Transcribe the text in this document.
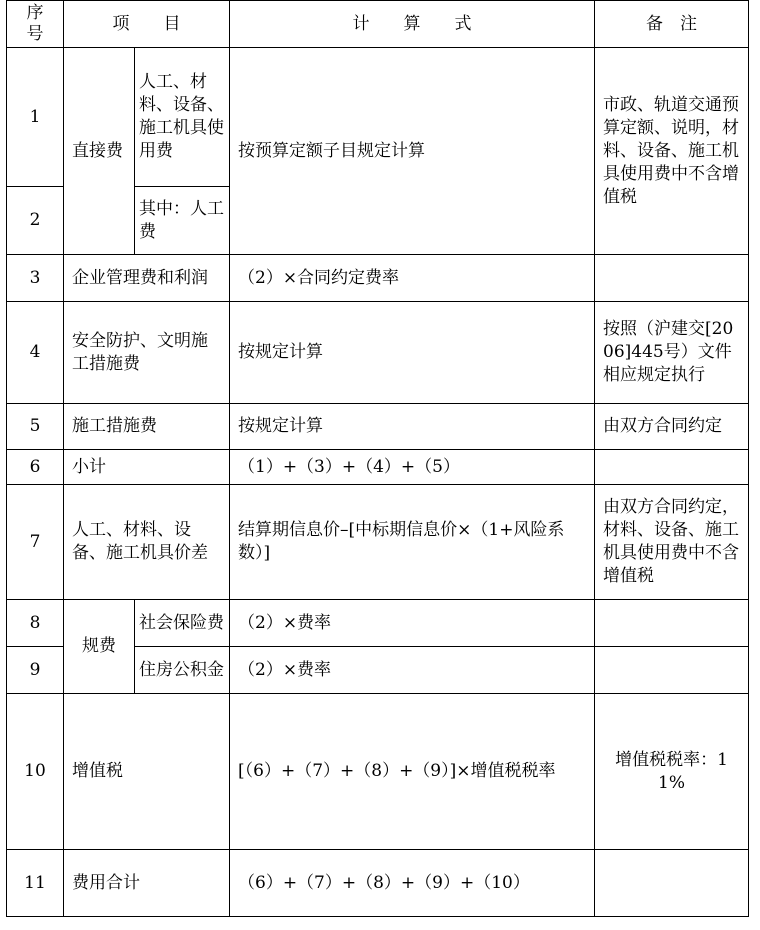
序号	项　　目		计　　算　　式	备　注
1	直接费	人工、材料、设备、施工机具使用费	按预算定额子目规定计算	市政、轨道交通预算定额、说明，材料、设备、施工机具使用费中不含增值税
2		其中：人工费		
3	企业管理费和利润		（2）×合同约定费率	
4	安全防护、文明施工措施费		按规定计算	按照（沪建交[2006]445号）文件相应规定执行
5	施工措施费		按规定计算	由双方合同约定
6	小计		（1）+（3）+（4）+（5）	
7	人工、材料、设备、施工机具价差		结算期信息价–[中标期信息价×（1+风险系数）]	由双方合同约定，材料、设备、施工机具使用费中不含增值税
8	规费	社会保险费	（2）×费率	
9		住房公积金	（2）×费率	
10	增值税		[（6）+（7）+（8）+（9）]×增值税税率	增值税税率：11%
11	费用合计		（6）+（7）+（8）+（9）+（10）	
